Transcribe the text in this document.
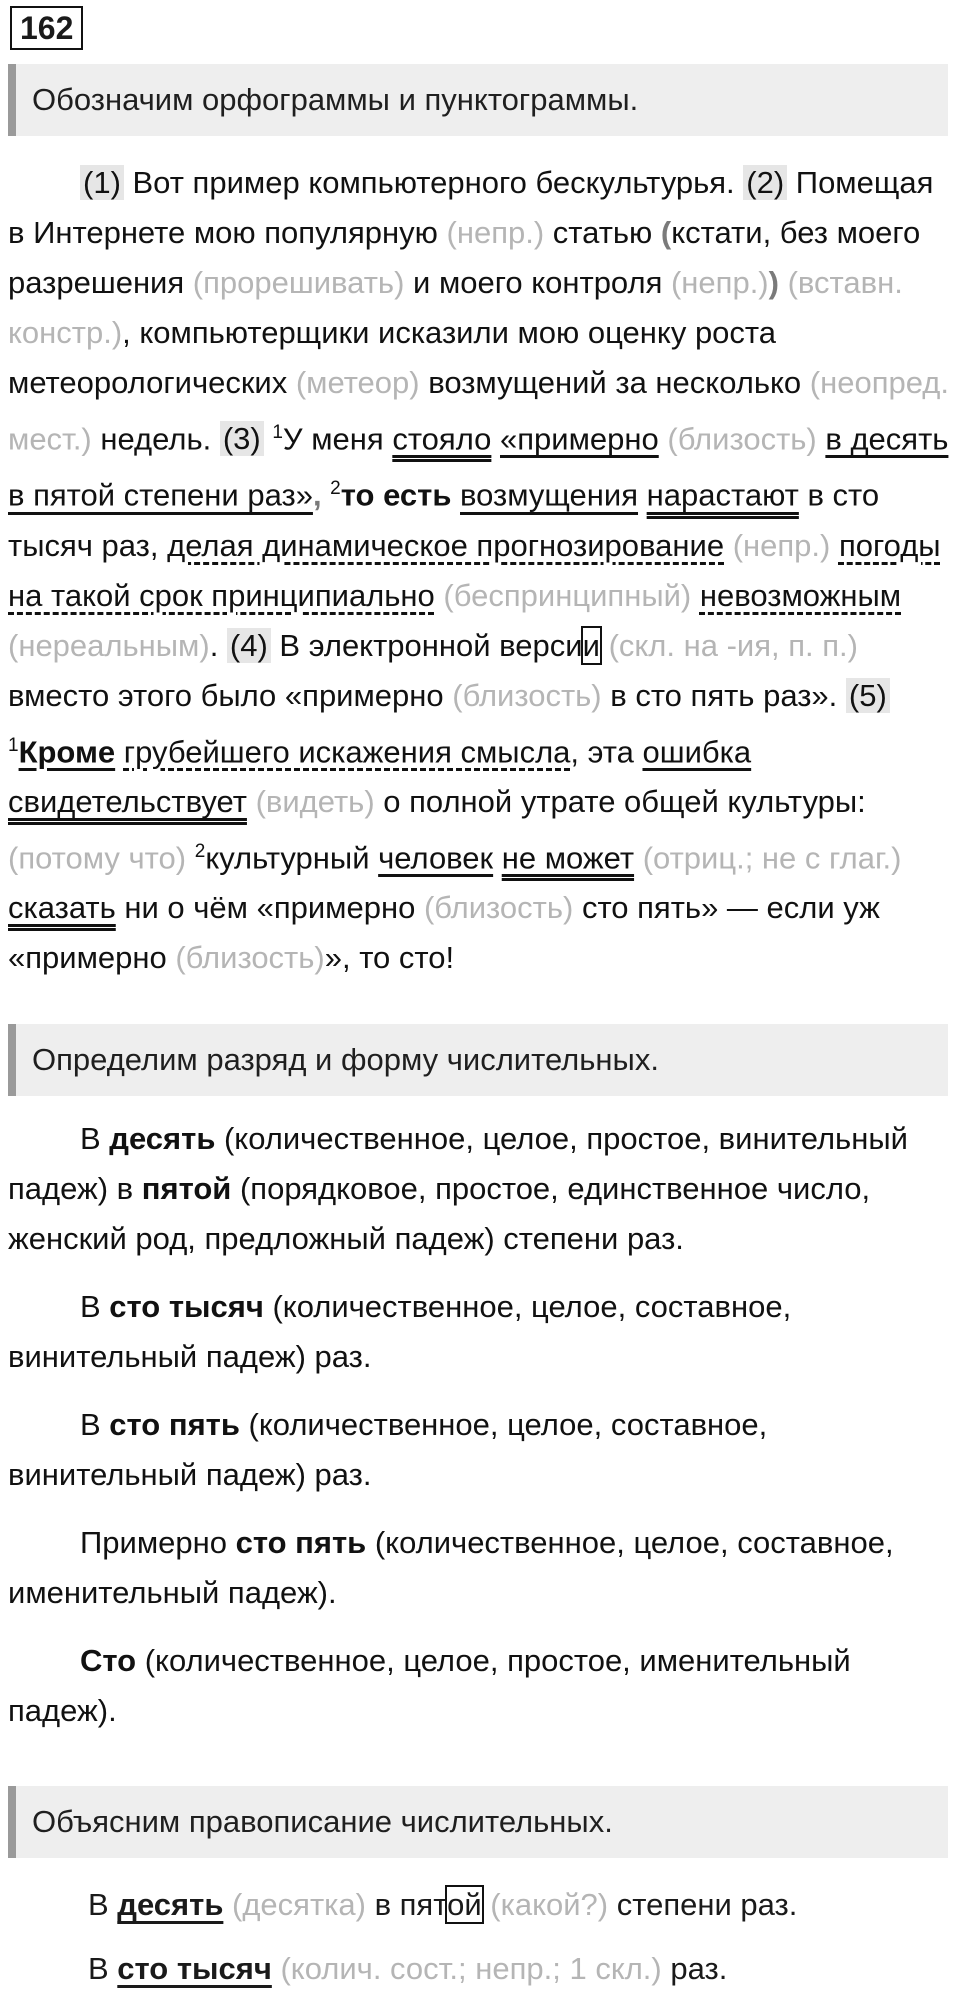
162
Обозначим орфограммы и пунктограммы.

(1) Вот пример компьютерного бескультурья. (2) Помещая в Интернете мою популярную (непр.) статью (кстати, без моего разрешения (прорешивать) и моего контроля (непр.)) (вставн. констр.), компьютерщики исказили мою оценку роста метеорологических (метеор) возмущений за несколько (неопред. мест.) недель. (3) $^1$У меня стояло «примерно (близость) в десять в пятой степени раз», $^2$то есть возмущения нарастают в сто тысяч раз, делая динамическое прогнозирование (непр.) погоды на такой срок принципиально (беспринципный) невозможным (нереальным). (4) В электронной версии (скл. на -ия, п. п.) вместо этого было «примерно (близость) в сто пять раз». (5) $^1$Кроме грубейшего искажения смысла, эта ошибка свидетельствует (видеть) о полной утрате общей культуры: (потому что) $^2$культурный человек не может (отриц.; не с глаг.) сказать ни о чём «примерно (близость) сто пять» — если уж «примерно (близость)», то сто!

Определим разряд и форму числительных.

В десять (количественное, целое, простое, винительный падеж) в пятой (порядковое, простое, единственное число, женский род, предложный падеж) степени раз.

В сто тысяч (количественное, целое, составное, винительный падеж) раз.

В сто пять (количественное, целое, составное, винительный падеж) раз.

Примерно сто пять (количественное, целое, составное, именительный падеж).

Сто (количественное, целое, простое, именительный падеж).

Объясним правописание числительных.
В десять (десятка) в пятой (какой?) степени раз.
В сто тысяч (колич. сост.; непр.; 1 скл.) раз.
